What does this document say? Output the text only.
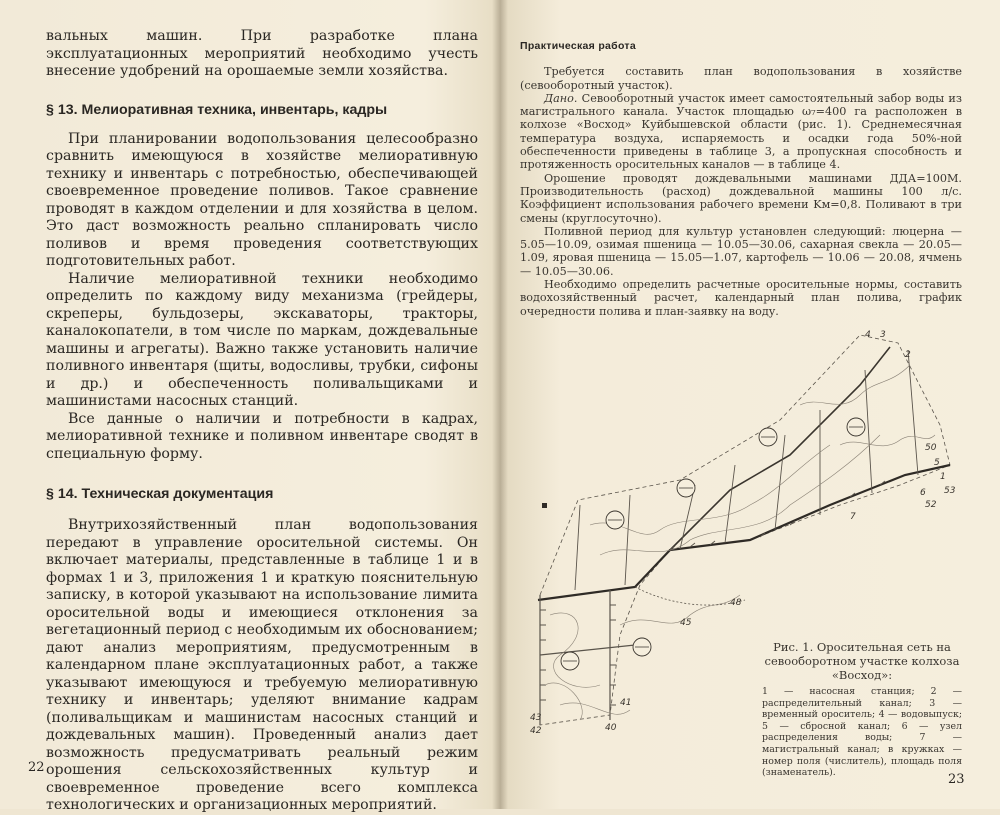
вальных машин. При разработке плана эксплуатационных мероприятий необходимо учесть внесение удобрений на орошаемые земли хозяйства.

§ 13. Мелиоративная техника, инвентарь, кадры

При планировании водопользования целесообразно сравнить имеющуюся в хозяйстве мелиоративную технику и инвентарь с потребностью, обеспечивающей своевременное проведение поливов. Такое сравнение проводят в каждом отделении и для хозяйства в целом. Это даст возможность реально спланировать число поливов и время проведения соответствующих подготовительных работ.

Наличие мелиоративной техники необходимо определить по каждому виду механизма (грейдеры, скреперы, бульдозеры, экскаваторы, тракторы, каналокопатели, в том числе по маркам, дождевальные машины и агрегаты). Важно также установить наличие поливного инвентаря (щиты, водосливы, трубки, сифоны и др.) и обеспеченность поливальщиками и машинистами насосных станций.

Все данные о наличии и потребности в кадрах, мелиоративной технике и поливном инвентаре сводят в специальную форму.

§ 14. Техническая документация

Внутрихозяйственный план водопользования передают в управление оросительной системы. Он включает материалы, представленные в таблице 1 и в формах 1 и 3, приложения 1 и краткую пояснительную записку, в которой указывают на использование лимита оросительной воды и имеющиеся отклонения за вегетационный период с необходимым их обоснованием; дают анализ мероприятиям, предусмотренным в календарном плане эксплуатационных работ, а также указывают имеющуюся и требуемую мелиоративную технику и инвентарь; уделяют внимание кадрам (поливальщикам и машинистам насосных станций и дождевальных машин). Проведенный анализ дает возможность предусматривать реальный режим орошения сельскохозяйственных культур и своевременное проведение всего комплекса технологических и организационных мероприятий.

22
Практическая работа

Требуется составить план водопользования в хозяйстве (севооборотный участок).

Дано. Севооборотный участок имеет самостоятельный забор воды из магистрального канала. Участок площадью ω₇=400 га расположен в колхозе «Восход» Куйбышевской области (рис. 1). Среднемесячная температура воздуха, испаряемость и осадки года 50%-ной обеспеченности приведены в таблице 3, а пропускная способность и протяженность оросительных каналов — в таблице 4.

Орошение проводят дождевальными машинами ДДА=100М. Производительность (расход) дождевальной машины 100 л/с. Коэффициент использования рабочего времени Kм=0,8. Поливают в три смены (круглосуточно).

Поливной период для культур установлен следующий: люцерна — 5.05—10.09, озимая пшеница — 10.05—30.06, сахарная свекла — 20.05—1.09, яровая пшеница — 15.05—1.07, картофель — 10.06 — 20.08, ячмень — 10.05—30.06.

Необходимо определить расчетные оросительные нормы, составить водохозяйственный расчет, календарный план полива, график очередности полива и план-заявку на воду.

4 3
2
5
1
6
7
43
42
41
40
45
48
50
53
52
Рис. 1. Оросительная сеть на севооборотном участке колхоза «Восход»:
1 — насосная станция; 2 — распределительный канал; 3 — временный ороситель; 4 — водовыпуск; 5 — сбросной канал; 6 — узел распределения воды; 7 — магистральный канал; в кружках — номер поля (числитель), площадь поля (знаменатель).	23
